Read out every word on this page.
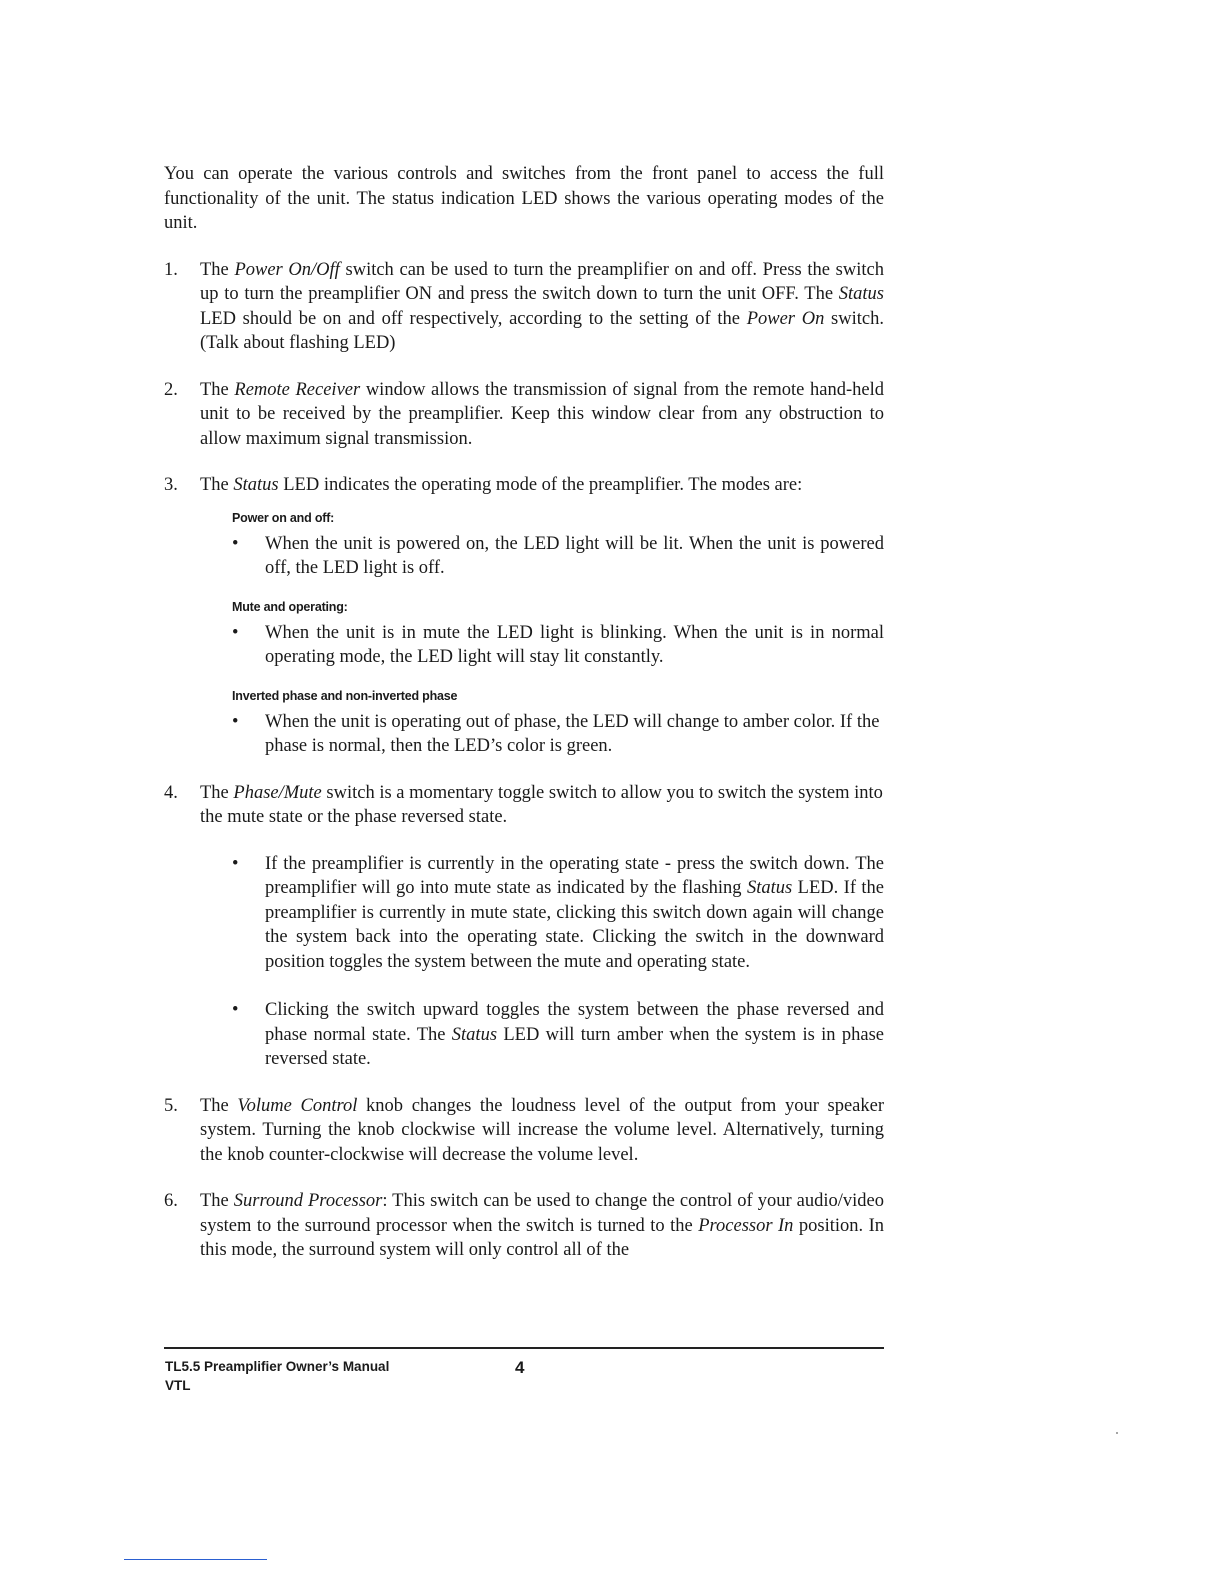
You can operate the various controls and switches from the front panel to access the full functionality of the unit. The status indication LED shows the various operating modes of the unit.

1.	The Power On/Off switch can be used to turn the preamplifier on and off. Press the switch up to turn the preamplifier ON and press the switch down to turn the unit OFF. The Status LED should be on and off respectively, according to the setting of the Power On switch. (Talk about flashing LED)

2.	The Remote Receiver window allows the transmission of signal from the remote hand-held unit to be received by the preamplifier. Keep this window clear from any obstruction to allow maximum signal transmission.

3.	The Status LED indicates the operating mode of the preamplifier. The modes are:

Power on and off:
• When the unit is powered on, the LED light will be lit. When the unit is powered off, the LED light is off.

Mute and operating:
• When the unit is in mute the LED light is blinking. When the unit is in normal operating mode, the LED light will stay lit constantly.

Inverted phase and non-inverted phase
• When the unit is operating out of phase, the LED will change to amber color. If the phase is normal, then the LED’s color is green.

4.	The Phase/Mute switch is a momentary toggle switch to allow you to switch the system into the mute state or the phase reversed state.

• If the preamplifier is currently in the operating state - press the switch down. The preamplifier will go into mute state as indicated by the flashing Status LED. If the preamplifier is currently in mute state, clicking this switch down again will change the system back into the operating state. Clicking the switch in the downward position toggles the system between the mute and operating state.

• Clicking the switch upward toggles the system between the phase reversed and phase normal state. The Status LED will turn amber when the system is in phase reversed state.

5.	The Volume Control knob changes the loudness level of the output from your speaker system. Turning the knob clockwise will increase the volume level. Alternatively, turning the knob counter-clockwise will decrease the volume level.

6.	The Surround Processor: This switch can be used to change the control of your audio/video system to the surround processor when the switch is turned to the Processor In position. In this mode, the surround system will only control all of the

TL5.5 Preamplifier Owner’s Manual
VTL
4
